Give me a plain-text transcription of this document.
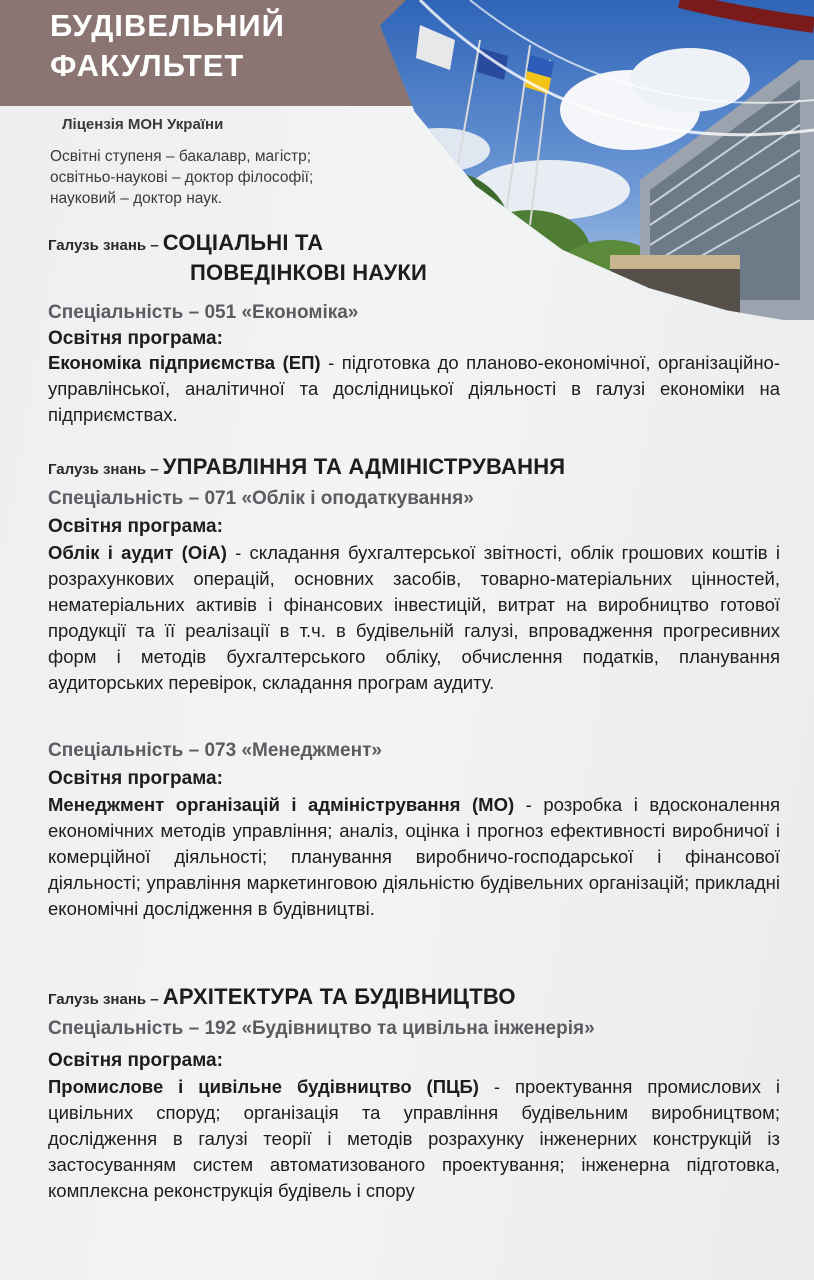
БУДІВЕЛЬНИЙ
ФАКУЛЬТЕТ
Ліцензія МОН України
Освітні ступеня – бакалавр, магістр;
освітньо-наукові – доктор філософії;
науковий – доктор наук.

Галузь знань – СОЦІАЛЬНІ ТА

ПОВЕДІНКОВІ НАУКИ

Спеціальність – 051 «Економіка»

Освітня програма:

Економіка підприємства (ЕП) - підготовка до планово-економічної, організаційно-управлінської, аналітичної та дослідницької діяльності в галузі економіки на підприємствах.

Галузь знань – УПРАВЛІННЯ ТА АДМІНІСТРУВАННЯ

Спеціальність – 071 «Облік і оподаткування»

Освітня програма:

Облік і аудит (ОіА) - складання бухгалтерської звітності, облік грошових коштів і розрахункових операцій, основних засобів, товарно-матеріальних цінностей, нематеріальних активів і фінансових інвестицій, витрат на виробництво готової продукції та її реалізації в т.ч. в будівельній галузі, впровадження прогресивних форм і методів бухгалтерського обліку, обчислення податків, планування аудиторських перевірок, складання програм аудиту.

Спеціальність – 073 «Менеджмент»

Освітня програма:

Менеджмент організацій і адміністрування (МО) - розробка і вдосконалення економічних методів управління; аналіз, оцінка і прогноз ефективності виробничої і комерційної діяльності; планування виробничо-господарської і фінансової діяльності; управління маркетинговою діяльністю будівельних організацій; прикладні економічні дослідження в будівництві.

Галузь знань – АРХІТЕКТУРА ТА БУДІВНИЦТВО

Спеціальність – 192 «Будівництво та цивільна інженерія»

Освітня програма:

Промислове і цивільне будівництво (ПЦБ) - проектування промислових і цивільних споруд; організація та управління будівельним виробництвом; дослідження в галузі теорії і методів розрахунку інженерних конструкцій із застосуванням систем автоматизованого проектування; інженерна підготовка, комплексна реконструкція будівель і спору
